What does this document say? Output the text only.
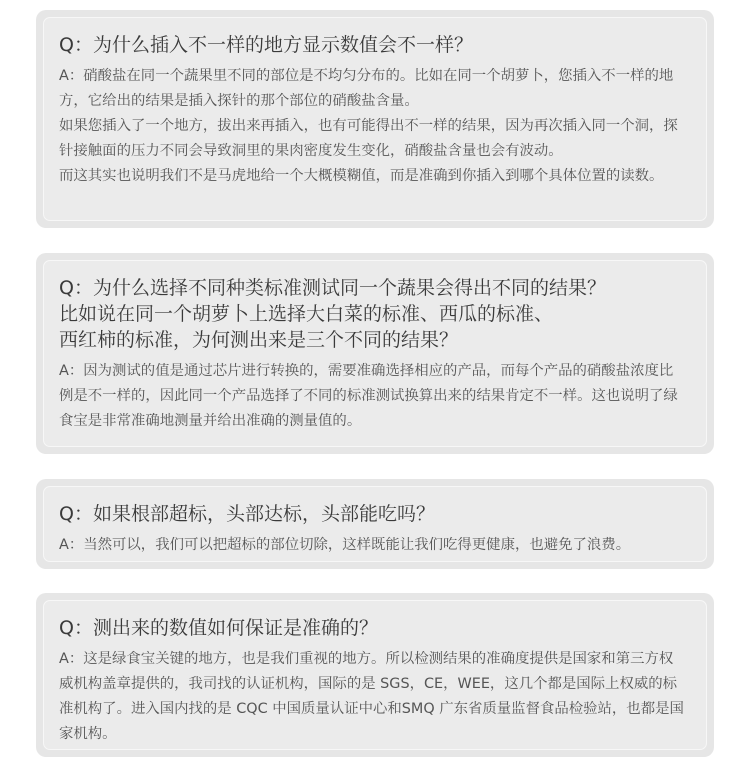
Q：为什么插入不一样的地方显示数值会不一样？

A：硝酸盐在同一个蔬果里不同的部位是不均匀分布的。比如在同一个胡萝卜，您插入不一样的地方，它给出的结果是插入探针的那个部位的硝酸盐含量。

如果您插入了一个地方，拔出来再插入，也有可能得出不一样的结果，因为再次插入同一个洞，探针接触面的压力不同会导致洞里的果肉密度发生变化，硝酸盐含量也会有波动。

而这其实也说明我们不是马虎地给一个大概模糊值，而是准确到你插入到哪个具体位置的读数。

Q：为什么选择不同种类标准测试同一个蔬果会得出不同的结果？
比如说在同一个胡萝卜上选择大白菜的标准、西瓜的标准、
西红柿的标准，为何测出来是三个不同的结果？

A：因为测试的值是通过芯片进行转换的，需要准确选择相应的产品，而每个产品的硝酸盐浓度比例是不一样的，因此同一个产品选择了不同的标准测试换算出来的结果肯定不一样。这也说明了绿食宝是非常准确地测量并给出准确的测量值的。

Q：如果根部超标，头部达标，头部能吃吗？

A：当然可以，我们可以把超标的部位切除，这样既能让我们吃得更健康，也避免了浪费。

Q：测出来的数值如何保证是准确的？

A：这是绿食宝关键的地方，也是我们重视的地方。所以检测结果的准确度提供是国家和第三方权威机构盖章提供的，我司找的认证机构，国际的是 SGS，CE，WEE，这几个都是国际上权威的标准机构了。进入国内找的是 CQC 中国质量认证中心和SMQ 广东省质量监督食品检验站，也都是国家机构。
